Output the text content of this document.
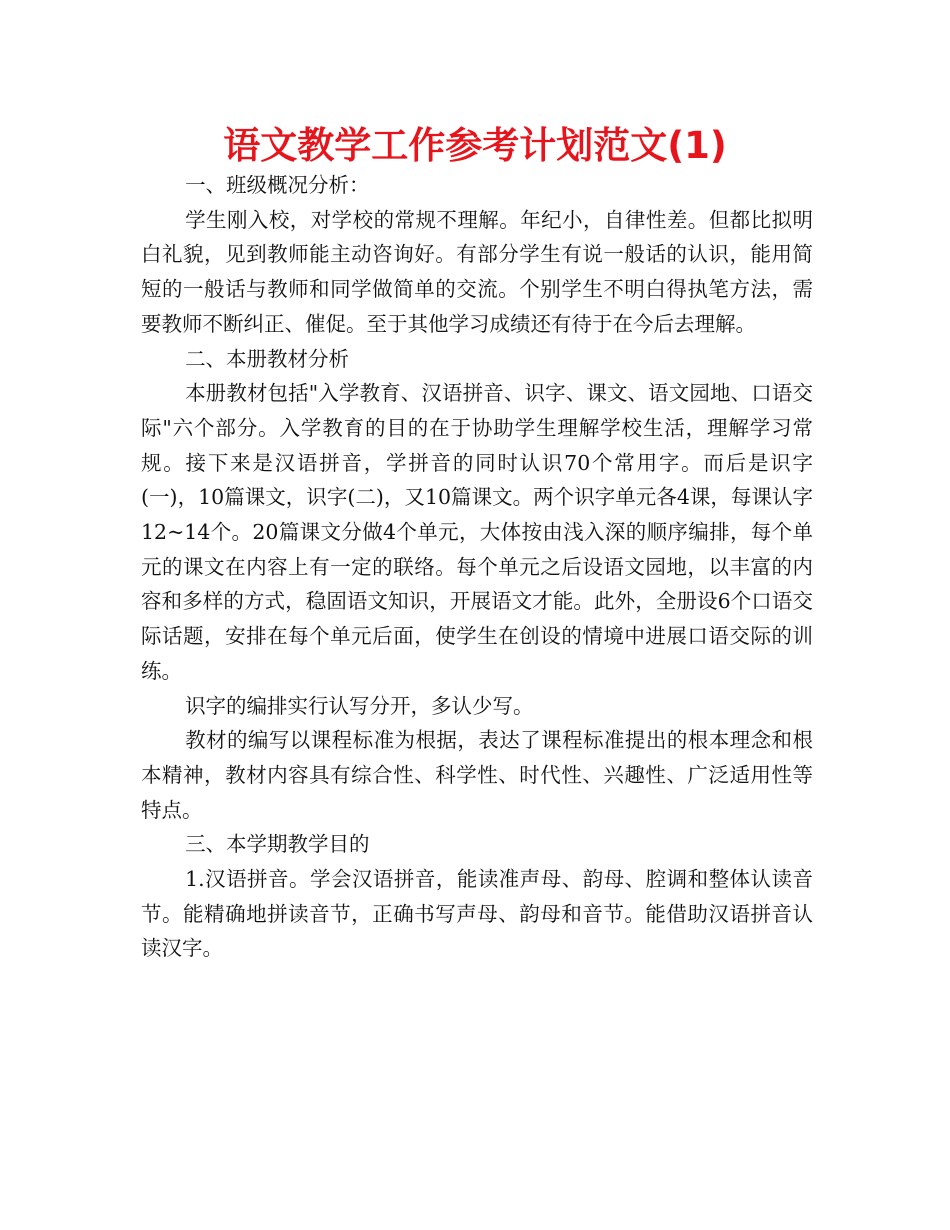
语文教学工作参考计划范文(1)

一、班级概况分析：

学生刚入校，对学校的常规不理解。年纪小，自律性差。但都比拟明白礼貌，见到教师能主动咨询好。有部分学生有说一般话的认识，能用简短的一般话与教师和同学做简单的交流。个别学生不明白得执笔方法，需要教师不断纠正、催促。至于其他学习成绩还有待于在今后去理解。

二、本册教材分析

本册教材包括"入学教育、汉语拼音、识字、课文、语文园地、口语交际"六个部分。入学教育的目的在于协助学生理解学校生活，理解学习常规。接下来是汉语拼音，学拼音的同时认识70个常用字。而后是识字(一)，10篇课文，识字(二)，又10篇课文。两个识字单元各4课，每课认字12~14个。20篇课文分做4个单元，大体按由浅入深的顺序编排，每个单元的课文在内容上有一定的联络。每个单元之后设语文园地，以丰富的内容和多样的方式，稳固语文知识，开展语文才能。此外，全册设6个口语交际话题，安排在每个单元后面，使学生在创设的情境中进展口语交际的训练。

识字的编排实行认写分开，多认少写。

教材的编写以课程标准为根据，表达了课程标准提出的根本理念和根本精神，教材内容具有综合性、科学性、时代性、兴趣性、广泛适用性等特点。

三、本学期教学目的

1.汉语拼音。学会汉语拼音，能读准声母、韵母、腔调和整体认读音节。能精确地拼读音节，正确书写声母、韵母和音节。能借助汉语拼音认读汉字。
